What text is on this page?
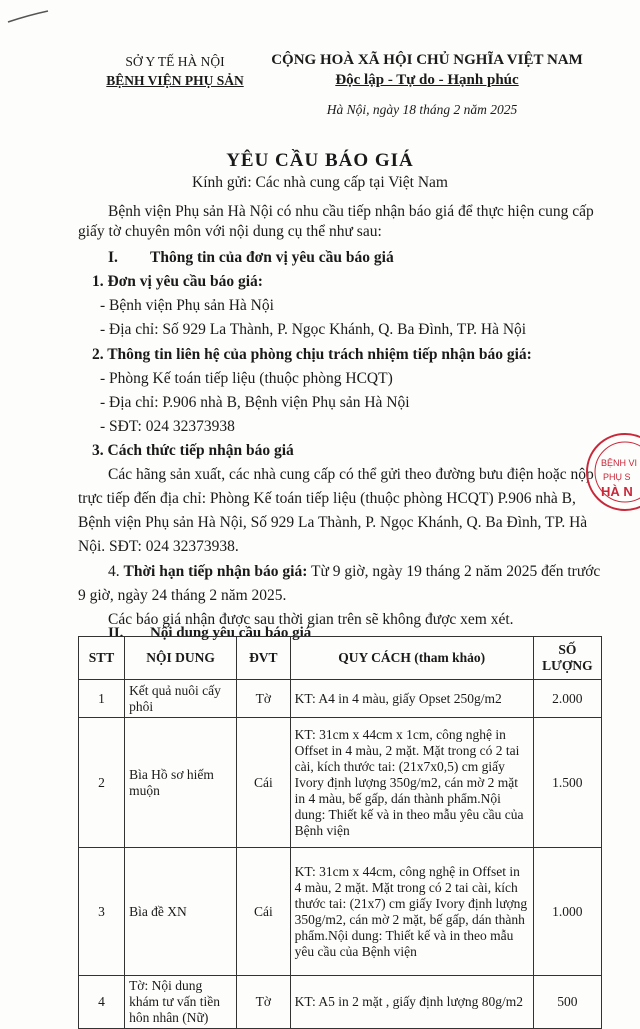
SỞ Y TẾ HÀ NỘI
BỆNH VIỆN PHỤ SẢN
CỘNG HOÀ XÃ HỘI CHỦ NGHĨA VIỆT NAM
Độc lập - Tự do - Hạnh phúc
Hà Nội, ngày 18 tháng 2 năm 2025
YÊU CẦU BÁO GIÁ
Kính gửi: Các nhà cung cấp tại Việt Nam
Bệnh viện Phụ sản Hà Nội có nhu cầu tiếp nhận báo giá để thực hiện cung cấp
giấy tờ chuyên môn với nội dung cụ thể như sau:
I. Thông tin của đơn vị yêu cầu báo giá
1. Đơn vị yêu cầu báo giá:
- Bệnh viện Phụ sản Hà Nội
- Địa chỉ: Số 929 La Thành, P. Ngọc Khánh, Q. Ba Đình, TP. Hà Nội
2. Thông tin liên hệ của phòng chịu trách nhiệm tiếp nhận báo giá:
- Phòng Kế toán tiếp liệu (thuộc phòng HCQT)
- Địa chỉ: P.906 nhà B, Bệnh viện Phụ sản Hà Nội
- SĐT: 024 32373938
3. Cách thức tiếp nhận báo giá
Các hãng sản xuất, các nhà cung cấp có thể gửi theo đường bưu điện hoặc nộp
trực tiếp đến địa chỉ: Phòng Kế toán tiếp liệu (thuộc phòng HCQT) P.906 nhà B,
Bệnh viện Phụ sản Hà Nội, Số 929 La Thành, P. Ngọc Khánh, Q. Ba Đình, TP. Hà
Nội. SĐT: 024 32373938.
4. Thời hạn tiếp nhận báo giá: Từ 9 giờ, ngày 19 tháng 2 năm 2025 đến trước
9 giờ, ngày 24 tháng 2 năm 2025.
Các báo giá nhận được sau thời gian trên sẽ không được xem xét.
II. Nội dung yêu cầu báo giá
BỆNH VI
PHỤ S
HÀ N
STT	NỘI DUNG	ĐVT	QUY CÁCH (tham khảo)	SỐ
LƯỢNG
1	Kết quả nuôi cấy phôi	Tờ	KT: A4 in 4 màu, giấy Opset 250g/m2	2.000
2	Bìa Hồ sơ hiếm muộn	Cái	KT: 31cm x 44cm x 1cm, công nghệ in Offset in 4 màu, 2 mặt. Mặt trong có 2 tai cài, kích thước tai: (21x7x0,5) cm giấy Ivory định lượng 350g/m2, cán mờ 2 mặt in 4 màu, bế gấp, dán thành phẩm.Nội dung: Thiết kế và in theo mẫu yêu cầu của Bệnh viện	1.500
3	Bìa đề XN	Cái	KT: 31cm x 44cm, công nghệ in Offset in 4 màu, 2 mặt. Mặt trong có 2 tai cài, kích thước tai: (21x7) cm giấy Ivory định lượng 350g/m2, cán mờ 2 mặt, bế gấp, dán thành phẩm.Nội dung: Thiết kế và in theo mẫu yêu cầu của Bệnh viện	1.000
4	Tờ: Nội dung khám tư vấn tiền hôn nhân (Nữ)	Tờ	KT: A5 in 2 mặt , giấy định lượng 80g/m2	500
